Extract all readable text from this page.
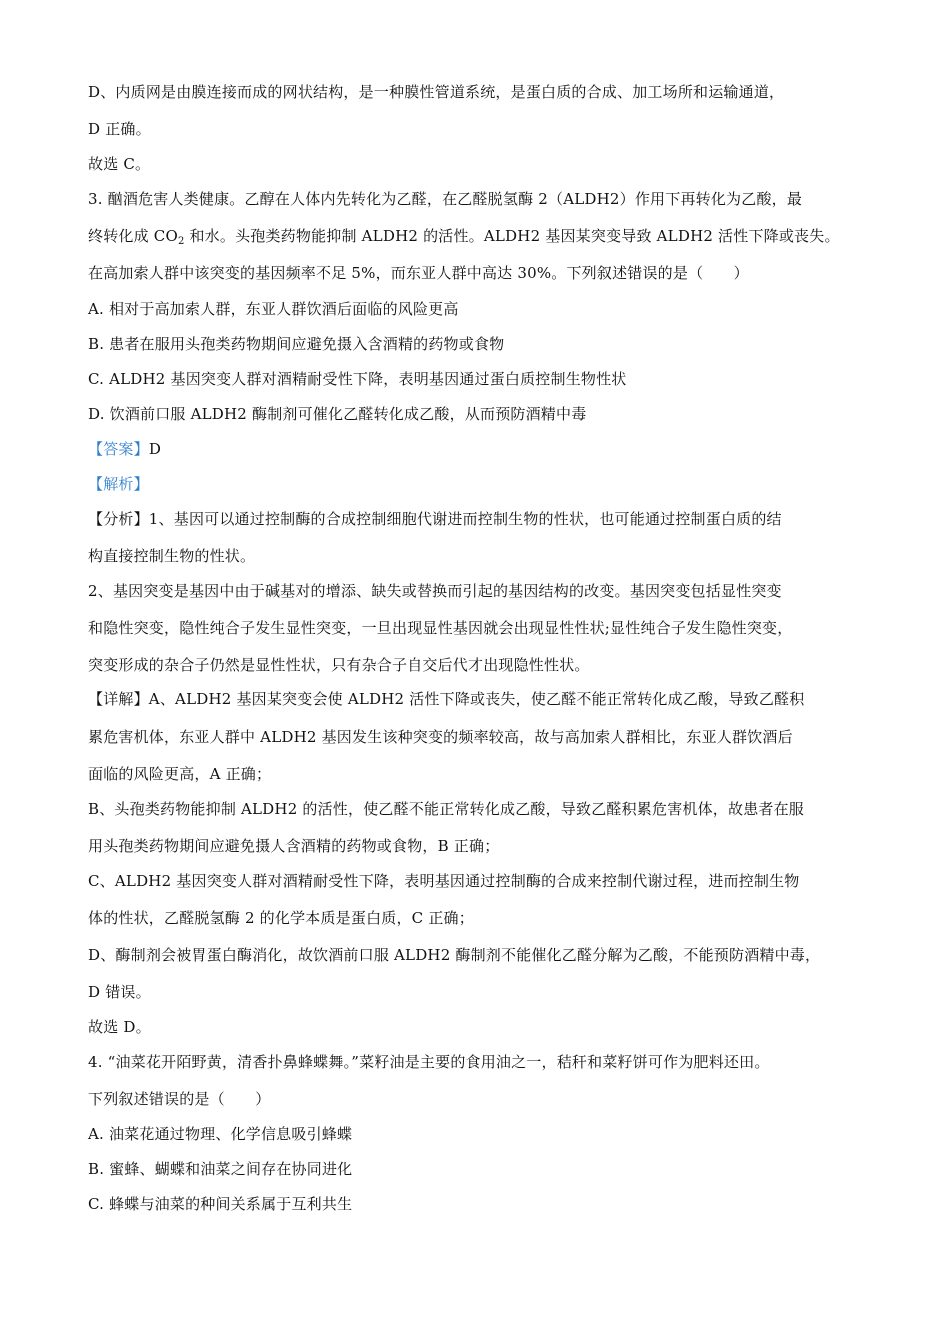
D、内质网是由膜连接而成的网状结构，是一种膜性管道系统，是蛋白质的合成、加工场所和运输通道，
D 正确。
故选 C。
3. 酗酒危害人类健康。乙醇在人体内先转化为乙醛，在乙醛脱氢酶 2（ALDH2）作用下再转化为乙酸，最
终转化成 $CO_2$ 和水。头孢类药物能抑制 ALDH2 的活性。ALDH2 基因某突变导致 ALDH2 活性下降或丧失。
在高加索人群中该突变的基因频率不足 5%，而东亚人群中高达 30%。下列叙述错误的是（　　）
A. 相对于高加索人群，东亚人群饮酒后面临的风险更高
B. 患者在服用头孢类药物期间应避免摄入含酒精的药物或食物
C. ALDH2 基因突变人群对酒精耐受性下降，表明基因通过蛋白质控制生物性状
D. 饮酒前口服 ALDH2 酶制剂可催化乙醛转化成乙酸，从而预防酒精中毒
【答案】D
【解析】
【分析】1、基因可以通过控制酶的合成控制细胞代谢进而控制生物的性状，也可能通过控制蛋白质的结
构直接控制生物的性状。
2、基因突变是基因中由于碱基对的增添、缺失或替换而引起的基因结构的改变。基因突变包括显性突变
和隐性突变，隐性纯合子发生显性突变，一旦出现显性基因就会出现显性性状;显性纯合子发生隐性突变，
突变形成的杂合子仍然是显性性状，只有杂合子自交后代才出现隐性性状。
【详解】A、ALDH2 基因某突变会使 ALDH2 活性下降或丧失，使乙醛不能正常转化成乙酸，导致乙醛积
累危害机体，东亚人群中 ALDH2 基因发生该种突变的频率较高，故与高加索人群相比，东亚人群饮酒后
面临的风险更高，A 正确；
B、头孢类药物能抑制 ALDH2 的活性，使乙醛不能正常转化成乙酸，导致乙醛积累危害机体，故患者在服
用头孢类药物期间应避免摄人含酒精的药物或食物，B 正确；
C、ALDH2 基因突变人群对酒精耐受性下降，表明基因通过控制酶的合成来控制代谢过程，进而控制生物
体的性状，乙醛脱氢酶 2 的化学本质是蛋白质，C 正确；
D、酶制剂会被胃蛋白酶消化，故饮酒前口服 ALDH2 酶制剂不能催化乙醛分解为乙酸，不能预防酒精中毒，
D 错误。
故选 D。
4. “油菜花开陌野黄，清香扑鼻蜂蝶舞。”菜籽油是主要的食用油之一，秸秆和菜籽饼可作为肥料还田。
下列叙述错误的是（　　）
A. 油菜花通过物理、化学信息吸引蜂蝶
B. 蜜蜂、蝴蝶和油菜之间存在协同进化
C. 蜂蝶与油菜的种间关系属于互利共生
